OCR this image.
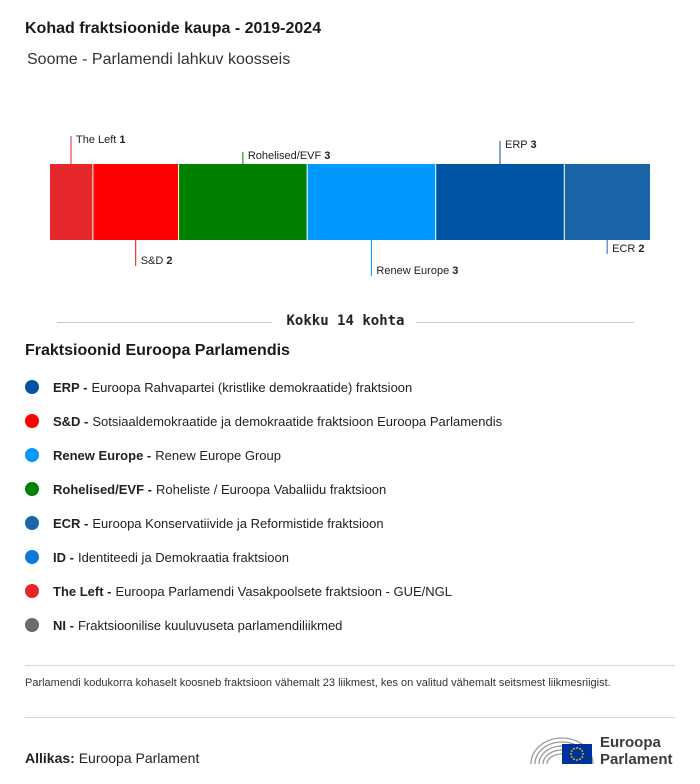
Kohad fraktsioonide kaupa - 2019-2024
Soome - Parlamendi lahkuv koosseis
The Left 1
S&D 2
Rohelised/EVF 3
Renew Europe 3
ERP 3
ECR 2
Kokku 14 kohta
Fraktsioonid Euroopa Parlamendis
ERP - Euroopa Rahvapartei (kristlike demokraatide) fraktsioon
S&D - Sotsiaaldemokraatide ja demokraatide fraktsioon Euroopa Parlamendis
Renew Europe - Renew Europe Group
Rohelised/EVF - Roheliste / Euroopa Vabaliidu fraktsioon
ECR - Euroopa Konservatiivide ja Reformistide fraktsioon
ID - Identiteedi ja Demokraatia fraktsioon
The Left - Euroopa Parlamendi Vasakpoolsete fraktsioon - GUE/NGL
NI - Fraktsioonilise kuuluvuseta parlamendiliikmed
Parlamendi kodukorra kohaselt koosneb fraktsioon vähemalt 23 liikmest, kes on valitud vähemalt seitsmest liikmesriigist.
Allikas: Euroopa Parlament
Euroopa
Parlament
